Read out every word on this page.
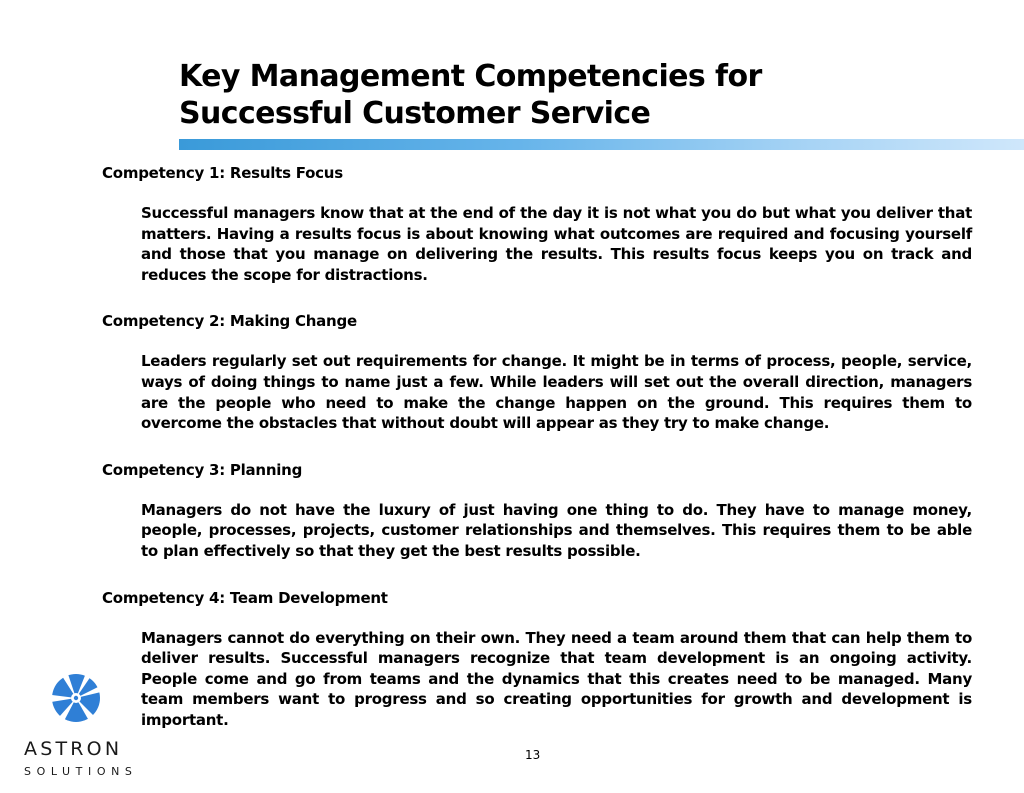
Key Management Competencies for
Successful Customer Service

Competency 1: Results Focus

Successful managers know that at the end of the day it is not what you do but what you deliver that matters. Having a results focus is about knowing what outcomes are required and focusing yourself and those that you manage on delivering the results. This results focus keeps you on track and reduces the scope for distractions.

Competency 2: Making Change

Leaders regularly set out requirements for change. It might be in terms of process, people, service, ways of doing things to name just a few. While leaders will set out the overall direction, managers are the people who need to make the change happen on the ground. This requires them to overcome the obstacles that without doubt will appear as they try to make change.

Competency 3: Planning

Managers do not have the luxury of just having one thing to do. They have to manage money, people, processes, projects, customer relationships and themselves. This requires them to be able to plan effectively so that they get the best results possible.

Competency 4: Team Development

Managers cannot do everything on their own. They need a team around them that can help them to deliver results. Successful managers recognize that team development is an ongoing activity. People come and go from teams and the dynamics that this creates need to be managed. Many team members want to progress and so creating opportunities for growth and development is important.

ASTRON
SOLUTIONS
13
